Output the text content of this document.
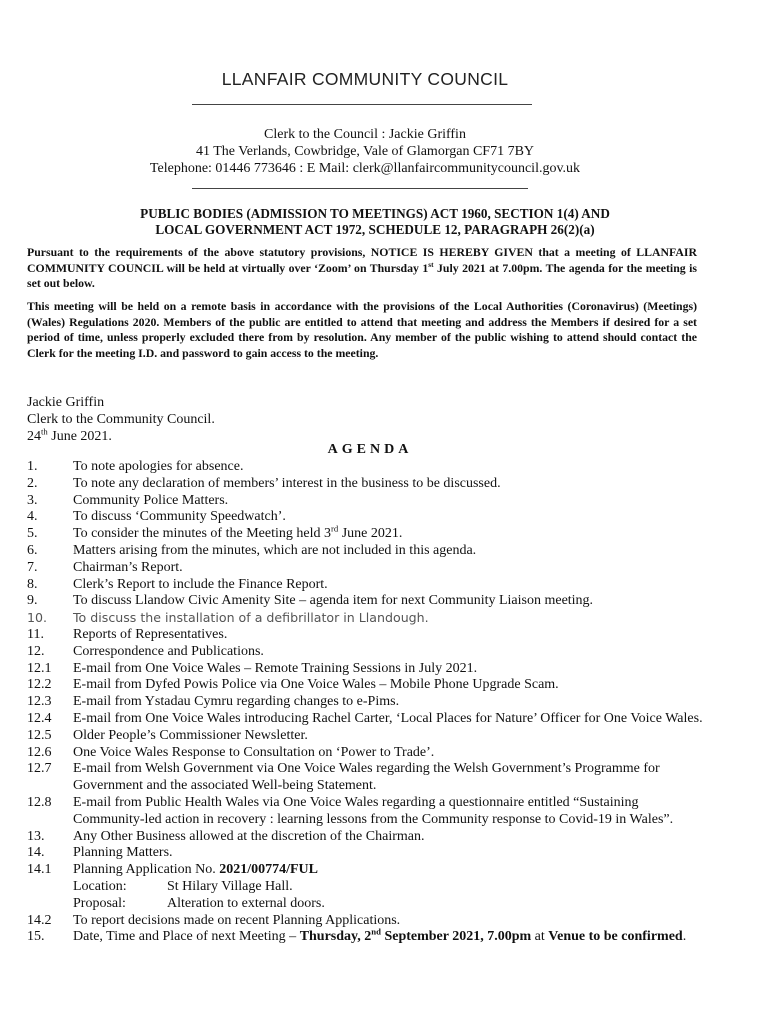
LLANFAIR COMMUNITY COUNCIL
Clerk to the Council : Jackie Griffin
41 The Verlands, Cowbridge, Vale of Glamorgan CF71 7BY
Telephone: 01446 773646 : E Mail: clerk@llanfaircommunitycouncil.gov.uk
PUBLIC BODIES (ADMISSION TO MEETINGS) ACT 1960, SECTION 1(4) AND
LOCAL GOVERNMENT ACT 1972, SCHEDULE 12, PARAGRAPH 26(2)(a)

Pursuant to the requirements of the above statutory provisions, NOTICE IS HEREBY GIVEN that a meeting of LLANFAIR COMMUNITY COUNCIL will be held at virtually over ‘Zoom’ on Thursday 1st July 2021 at 7.00pm. The agenda for the meeting is set out below.

This meeting will be held on a remote basis in accordance with the provisions of the Local Authorities (Coronavirus) (Meetings) (Wales) Regulations 2020. Members of the public are entitled to attend that meeting and address the Members if desired for a set period of time, unless properly excluded there from by resolution. Any member of the public wishing to attend should contact the Clerk for the meeting I.D. and password to gain access to the meeting.

Jackie Griffin
Clerk to the Community Council.
24th June 2021.
AGENDA
1.	To note apologies for absence.
2.	To note any declaration of members’ interest in the business to be discussed.
3.	Community Police Matters.
4.	To discuss ‘Community Speedwatch’.
5.	To consider the minutes of the Meeting held 3rd June 2021.
6.	Matters arising from the minutes, which are not included in this agenda.
7.	Chairman’s Report.
8.	Clerk’s Report to include the Finance Report.
9.	To discuss Llandow Civic Amenity Site – agenda item for next Community Liaison meeting.
10.	To discuss the installation of a defibrillator in Llandough.
11.	Reports of Representatives.
12.	Correspondence and Publications.
12.1	E-mail from One Voice Wales – Remote Training Sessions in July 2021.
12.2	E-mail from Dyfed Powis Police via One Voice Wales – Mobile Phone Upgrade Scam.
12.3	E-mail from Ystadau Cymru regarding changes to e-Pims.
12.4	E-mail from One Voice Wales introducing Rachel Carter, ‘Local Places for Nature’ Officer for One Voice Wales.
12.5	Older People’s Commissioner Newsletter.
12.6	One Voice Wales Response to Consultation on ‘Power to Trade’.
12.7	E-mail from Welsh Government via One Voice Wales regarding the Welsh Government’s Programme for Government and the associated Well-being Statement.
12.8	E-mail from Public Health Wales via One Voice Wales regarding a questionnaire entitled “Sustaining Community-led action in recovery : learning lessons from the Community response to Covid-19 in Wales”.
13.	Any Other Business allowed at the discretion of the Chairman.
14.	Planning Matters.
14.1	Planning Application No. 2021/00774/FUL
Location:	St Hilary Village Hall.
Proposal:	Alteration to external doors.
14.2	To report decisions made on recent Planning Applications.
15.	Date, Time and Place of next Meeting – Thursday, 2nd September 2021, 7.00pm at Venue to be confirmed.
